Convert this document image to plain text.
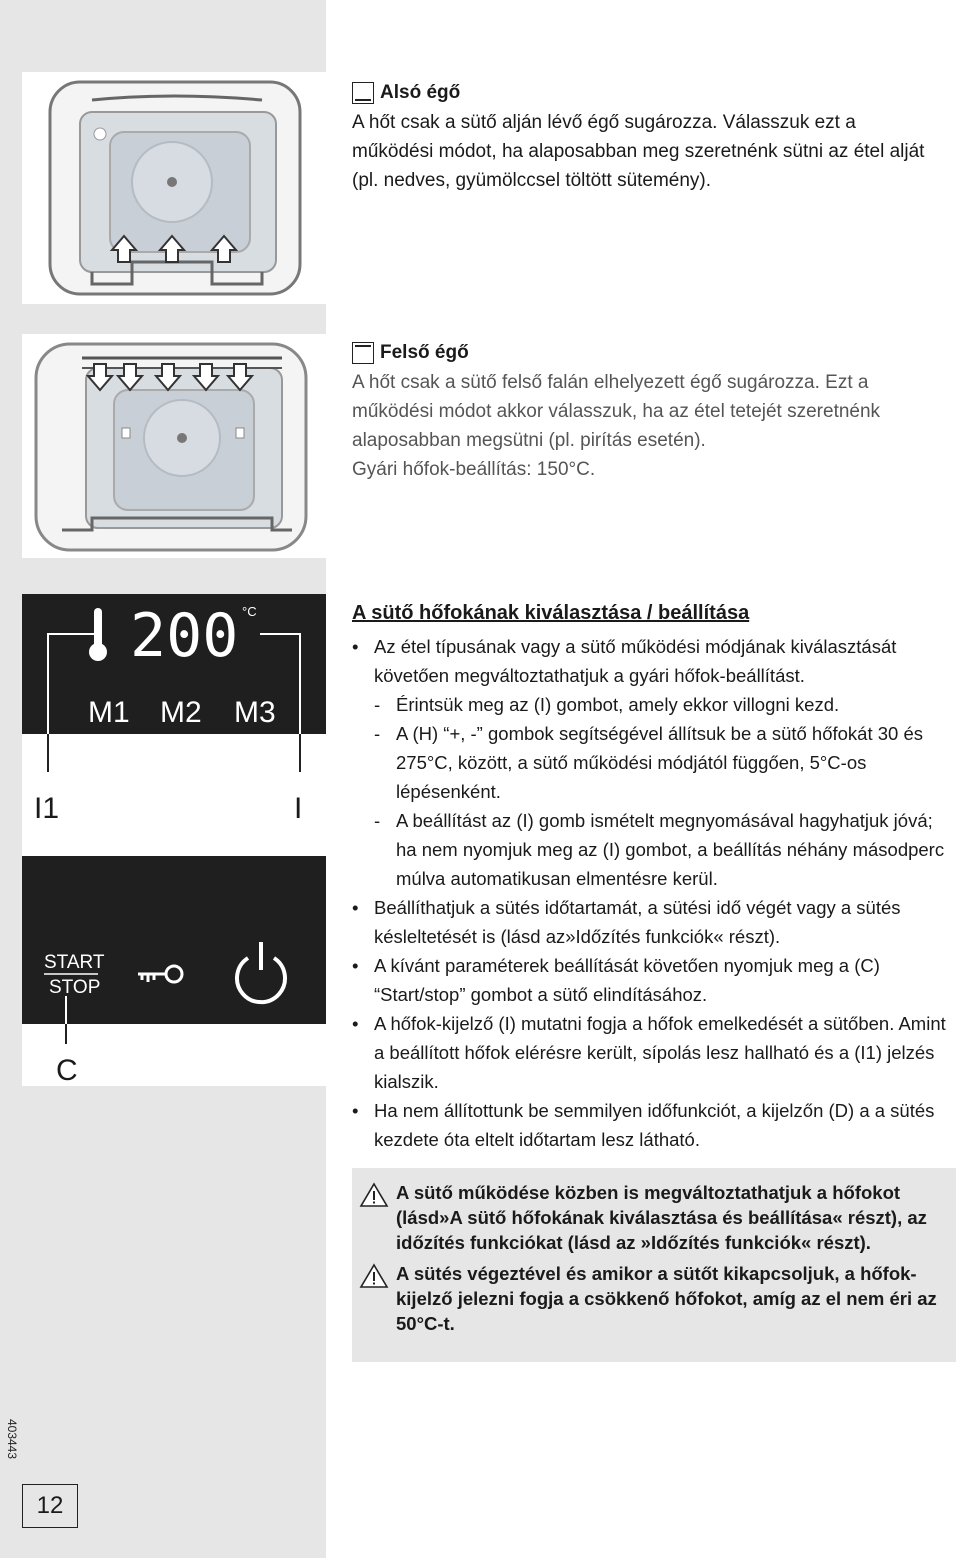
Alsó égő
A hőt csak a sütő alján lévő égő sugározza. Válasszuk ezt a működési módot, ha alaposabban meg szeretnénk sütni az étel alját (pl. nedves, gyümölccsel töltött sütemény).
Felső égő
A hőt csak a sütő felső falán elhelyezett égő sugározza. Ezt a működési módot akkor válasszuk, ha az étel tetejét szeretnénk alaposabban megsütni (pl. pirítás esetén).
Gyári hőfok-beállítás: 150°C.
200 °C
M1 M2 M3
I1	I
START
STOP
C
A sütő hőfokának kiválasztása / beállítása
• Az étel típusának vagy a sütő működési módjának kiválasztását követően megváltoztathatjuk a gyári hőfok-beállítást.
- Érintsük meg az (I) gombot, amely ekkor villogni kezd.
- A (H) “+, -” gombok segítségével állítsuk be a sütő hőfokát 30 és 275°C, között, a sütő működési módjától függően, 5°C-os lépésenként.
- A beállítást az (I) gomb ismételt megnyomásával hagyhatjuk jóvá; ha nem nyomjuk meg az (I) gombot, a beállítás néhány másodperc múlva automatikusan elmentésre kerül.
• Beállíthatjuk a sütés időtartamát, a sütési idő végét vagy a sütés késleltetését is (lásd az»Időzítés funkciók« részt).
• A kívánt paraméterek beállítását követően nyomjuk meg a (C) “Start/stop” gombot a sütő elindításához.
• A hőfok-kijelző (I) mutatni fogja a hőfok emelkedését a sütőben. Amint a beállított hőfok elérésre került, sípolás lesz hallható és a (I1) jelzés kialszik.
• Ha nem állítottunk be semmilyen időfunkciót, a kijelzőn (D) a a sütés kezdete óta eltelt időtartam lesz látható.
A sütő működése közben is megváltoztathatjuk a hőfokot (lásd»A sütő hőfokának kiválasztása és beállítása« részt), az időzítés funkciókat (lásd az »Időzítés funkciók« részt).
A sütés végeztével és amikor a sütőt kikapcsoljuk, a hőfok-kijelző jelezni fogja a csökkenő hőfokot, amíg az el nem éri az 50°C-t.
403443
12
